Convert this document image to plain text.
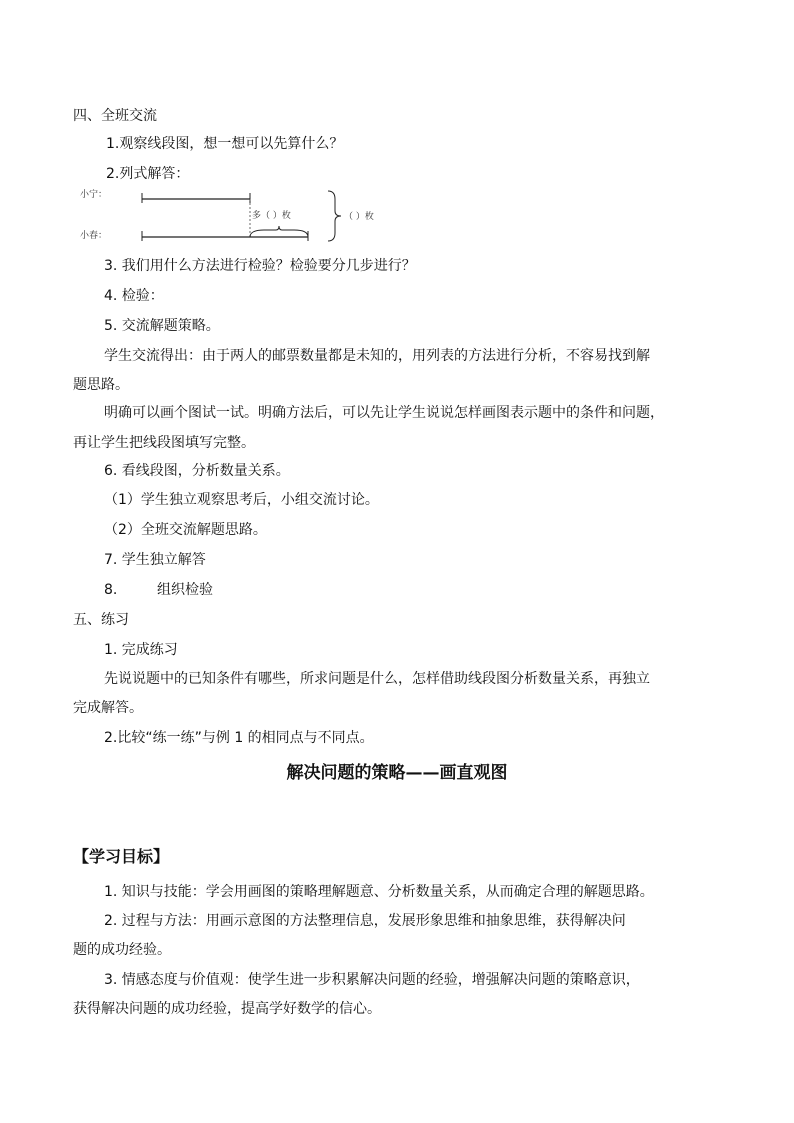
四、全班交流
1.观察线段图，想一想可以先算什么？
2.列式解答：
小宁：
小春：
多（ ）枚	（ ）枚
3. 我们用什么方法进行检验？检验要分几步进行？
4. 检验：
5. 交流解题策略。
学生交流得出：由于两人的邮票数量都是未知的，用列表的方法进行分析，不容易找到解
题思路。
明确可以画个图试一试。明确方法后，可以先让学生说说怎样画图表示题中的条件和问题，
再让学生把线段图填写完整。
6. 看线段图，分析数量关系。
（1）学生独立观察思考后，小组交流讨论。
（2）全班交流解题思路。
7. 学生独立解答
8.	组织检验
五、练习
1. 完成练习
先说说题中的已知条件有哪些，所求问题是什么，怎样借助线段图分析数量关系，再独立
完成解答。
2.比较“练一练”与例 1 的相同点与不同点。
解决问题的策略——画直观图
【学习目标】
1. 知识与技能：学会用画图的策略理解题意、分析数量关系，从而确定合理的解题思路。
2. 过程与方法：用画示意图的方法整理信息，发展形象思维和抽象思维，获得解决问
题的成功经验。
3. 情感态度与价值观：使学生进一步积累解决问题的经验，增强解决问题的策略意识，
获得解决问题的成功经验，提高学好数学的信心。
